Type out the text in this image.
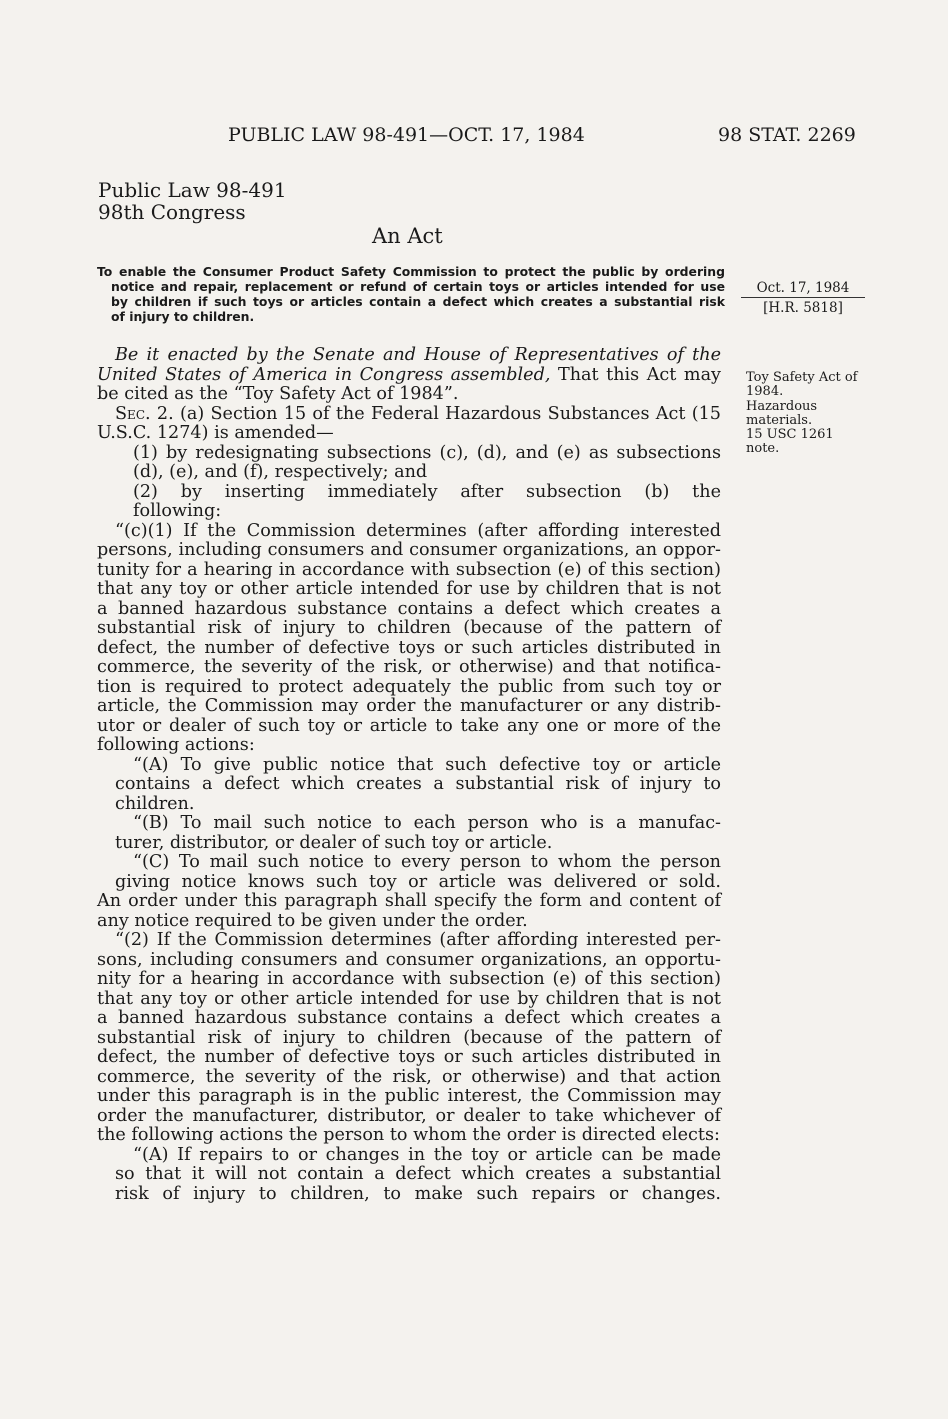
PUBLIC LAW 98-491—OCT. 17, 1984	98 STAT. 2269
Public Law 98-491
98th Congress
An Act
To enable the Consumer Product Safety Commission to protect the public by ordering
notice and repair, replacement or refund of certain toys or articles intended for use
by children if such toys or articles contain a defect which creates a substantial risk
of injury to children.
Oct. 17, 1984
[H.R. 5818]
Toy Safety Act of
1984.
Hazardous
materials.
15 USC 1261
note.
Be it enacted by the Senate and House of Representatives of the
United States of America in Congress assembled, That this Act may
be cited as the “Toy Safety Act of 1984”.
Sec. 2. (a) Section 15 of the Federal Hazardous Substances Act (15
U.S.C. 1274) is amended—
(1) by redesignating subsections (c), (d), and (e) as subsections
(d), (e), and (f), respectively; and
(2) by inserting immediately after subsection (b) the
following:
“(c)(1) If the Commission determines (after affording interested
persons, including consumers and consumer organizations, an oppor-
tunity for a hearing in accordance with subsection (e) of this section)
that any toy or other article intended for use by children that is not
a banned hazardous substance contains a defect which creates a
substantial risk of injury to children (because of the pattern of
defect, the number of defective toys or such articles distributed in
commerce, the severity of the risk, or otherwise) and that notifica-
tion is required to protect adequately the public from such toy or
article, the Commission may order the manufacturer or any distrib-
utor or dealer of such toy or article to take any one or more of the
following actions:
“(A) To give public notice that such defective toy or article
contains a defect which creates a substantial risk of injury to
children.
“(B) To mail such notice to each person who is a manufac-
turer, distributor, or dealer of such toy or article.
“(C) To mail such notice to every person to whom the person
giving notice knows such toy or article was delivered or sold.
An order under this paragraph shall specify the form and content of
any notice required to be given under the order.
“(2) If the Commission determines (after affording interested per-
sons, including consumers and consumer organizations, an opportu-
nity for a hearing in accordance with subsection (e) of this section)
that any toy or other article intended for use by children that is not
a banned hazardous substance contains a defect which creates a
substantial risk of injury to children (because of the pattern of
defect, the number of defective toys or such articles distributed in
commerce, the severity of the risk, or otherwise) and that action
under this paragraph is in the public interest, the Commission may
order the manufacturer, distributor, or dealer to take whichever of
the following actions the person to whom the order is directed elects:
“(A) If repairs to or changes in the toy or article can be made
so that it will not contain a defect which creates a substantial
risk of injury to children, to make such repairs or changes.
